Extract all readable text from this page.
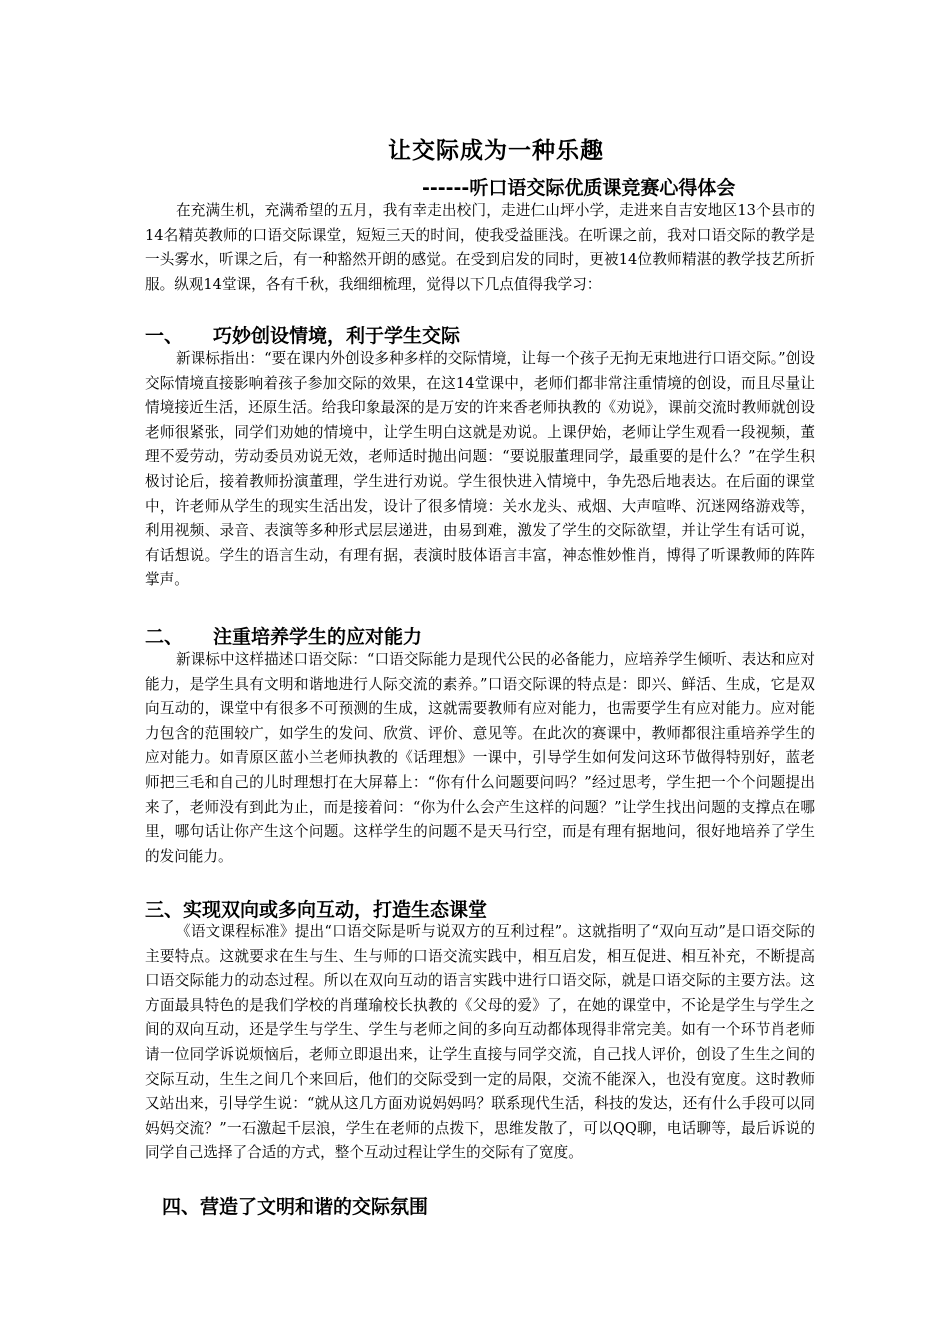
让交际成为一种乐趣
------听口语交际优质课竞赛心得体会

在充满生机，充满希望的五月，我有幸走出校门，走进仁山坪小学，走进来自吉安地区13个县市的14名精英教师的口语交际课堂，短短三天的时间，使我受益匪浅。在听课之前，我对口语交际的教学是一头雾水，听课之后，有一种豁然开朗的感觉。在受到启发的同时，更被14位教师精湛的教学技艺所折服。纵观14堂课，各有千秋，我细细梳理，觉得以下几点值得我学习：

一、 巧妙创设情境，利于学生交际

新课标指出：“要在课内外创设多种多样的交际情境，让每一个孩子无拘无束地进行口语交际。”创设交际情境直接影响着孩子参加交际的效果，在这14堂课中，老师们都非常注重情境的创设，而且尽量让情境接近生活，还原生活。给我印象最深的是万安的许来香老师执教的《劝说》，课前交流时教师就创设老师很紧张，同学们劝她的情境中，让学生明白这就是劝说。上课伊始，老师让学生观看一段视频，董理不爱劳动，劳动委员劝说无效，老师适时抛出问题：“要说服董理同学，最重要的是什么？”在学生积极讨论后，接着教师扮演董理，学生进行劝说。学生很快进入情境中，争先恐后地表达。在后面的课堂中，许老师从学生的现实生活出发，设计了很多情境：关水龙头、戒烟、大声喧哗、沉迷网络游戏等，利用视频、录音、表演等多种形式层层递进，由易到难，激发了学生的交际欲望，并让学生有话可说，有话想说。学生的语言生动，有理有据，表演时肢体语言丰富，神态惟妙惟肖，博得了听课教师的阵阵掌声。

二、 注重培养学生的应对能力

新课标中这样描述口语交际：“口语交际能力是现代公民的必备能力，应培养学生倾听、表达和应对能力，是学生具有文明和谐地进行人际交流的素养。”口语交际课的特点是：即兴、鲜活、生成，它是双向互动的，课堂中有很多不可预测的生成，这就需要教师有应对能力，也需要学生有应对能力。应对能力包含的范围较广，如学生的发问、欣赏、评价、意见等。在此次的赛课中，教师都很注重培养学生的应对能力。如青原区蓝小兰老师执教的《话理想》一课中，引导学生如何发问这环节做得特别好，蓝老师把三毛和自己的儿时理想打在大屏幕上：“你有什么问题要问吗？”经过思考，学生把一个个问题提出来了，老师没有到此为止，而是接着问：“你为什么会产生这样的问题？”让学生找出问题的支撑点在哪里，哪句话让你产生这个问题。这样学生的问题不是天马行空，而是有理有据地问，很好地培养了学生的发问能力。

三、实现双向或多向互动，打造生态课堂

《语文课程标准》提出“口语交际是听与说双方的互利过程”。这就指明了“双向互动”是口语交际的主要特点。这就要求在生与生、生与师的口语交流实践中，相互启发，相互促进、相互补充，不断提高口语交际能力的动态过程。所以在双向互动的语言实践中进行口语交际，就是口语交际的主要方法。这方面最具特色的是我们学校的肖瑾瑜校长执教的《父母的爱》了，在她的课堂中，不论是学生与学生之间的双向互动，还是学生与学生、学生与老师之间的多向互动都体现得非常完美。如有一个环节肖老师请一位同学诉说烦恼后，老师立即退出来，让学生直接与同学交流，自己找人评价，创设了生生之间的交际互动，生生之间几个来回后，他们的交际受到一定的局限，交流不能深入，也没有宽度。这时教师又站出来，引导学生说：“就从这几方面劝说妈妈吗？联系现代生活，科技的发达，还有什么手段可以同妈妈交流？”一石激起千层浪，学生在老师的点拨下，思维发散了，可以QQ聊，电话聊等，最后诉说的同学自己选择了合适的方式，整个互动过程让学生的交际有了宽度。

四、营造了文明和谐的交际氛围
